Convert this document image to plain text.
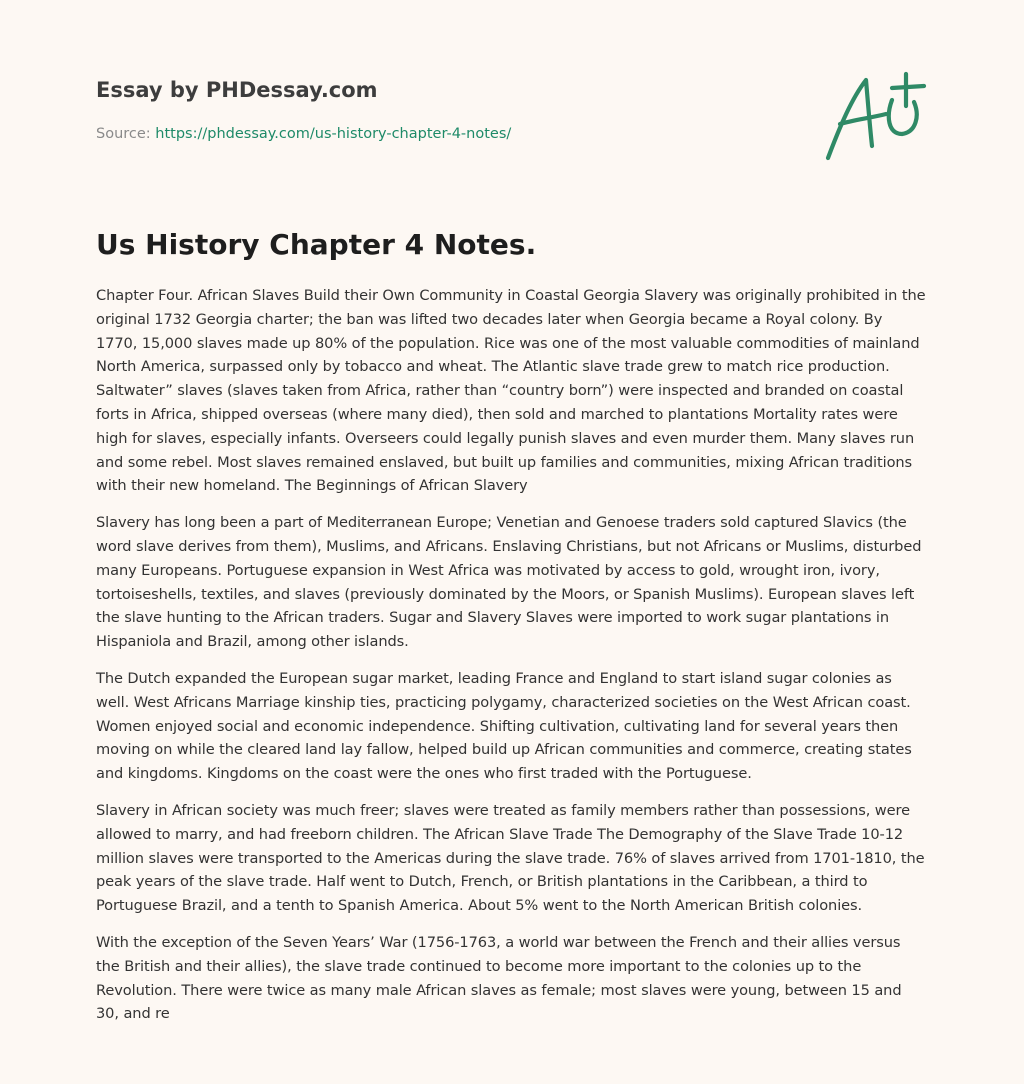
Essay by PHDessay.com
Source: https://phdessay.com/us-history-chapter-4-notes/
Us History Chapter 4 Notes.

Chapter Four. African Slaves Build their Own Community in Coastal Georgia Slavery was originally prohibited in the original 1732 Georgia charter; the ban was lifted two decades later when Georgia became a Royal colony. By 1770, 15,000 slaves made up 80% of the population. Rice was one of the most valuable commodities of mainland North America, surpassed only by tobacco and wheat. The Atlantic slave trade grew to match rice production. Saltwater” slaves (slaves taken from Africa, rather than “country born”) were inspected and branded on coastal forts in Africa, shipped overseas (where many died), then sold and marched to plantations Mortality rates were high for slaves, especially infants. Overseers could legally punish slaves and even murder them. Many slaves run and some rebel. Most slaves remained enslaved, but built up families and communities, mixing African traditions with their new homeland. The Beginnings of African Slavery

Slavery has long been a part of Mediterranean Europe; Venetian and Genoese traders sold captured Slavics (the word slave derives from them), Muslims, and Africans. Enslaving Christians, but not Africans or Muslims, disturbed many Europeans. Portuguese expansion in West Africa was motivated by access to gold, wrought iron, ivory, tortoiseshells, textiles, and slaves (previously dominated by the Moors, or Spanish Muslims). European slaves left the slave hunting to the African traders. Sugar and Slavery Slaves were imported to work sugar plantations in Hispaniola and Brazil, among other islands.

The Dutch expanded the European sugar market, leading France and England to start island sugar colonies as well. West Africans Marriage kinship ties, practicing polygamy, characterized societies on the West African coast. Women enjoyed social and economic independence. Shifting cultivation, cultivating land for several years then moving on while the cleared land lay fallow, helped build up African communities and commerce, creating states and kingdoms. Kingdoms on the coast were the ones who first traded with the Portuguese.

Slavery in African society was much freer; slaves were treated as family members rather than possessions, were allowed to marry, and had freeborn children. The African Slave Trade The Demography of the Slave Trade 10-12 million slaves were transported to the Americas during the slave trade. 76% of slaves arrived from 1701-1810, the peak years of the slave trade. Half went to Dutch, French, or British plantations in the Caribbean, a third to Portuguese Brazil, and a tenth to Spanish America. About 5% went to the North American British colonies.

With the exception of the Seven Years’ War (1756-1763, a world war between the French and their allies versus the British and their allies), the slave trade continued to become more important to the colonies up to the Revolution. There were twice as many male African slaves as female; most slaves were young, between 15 and 30, and re
